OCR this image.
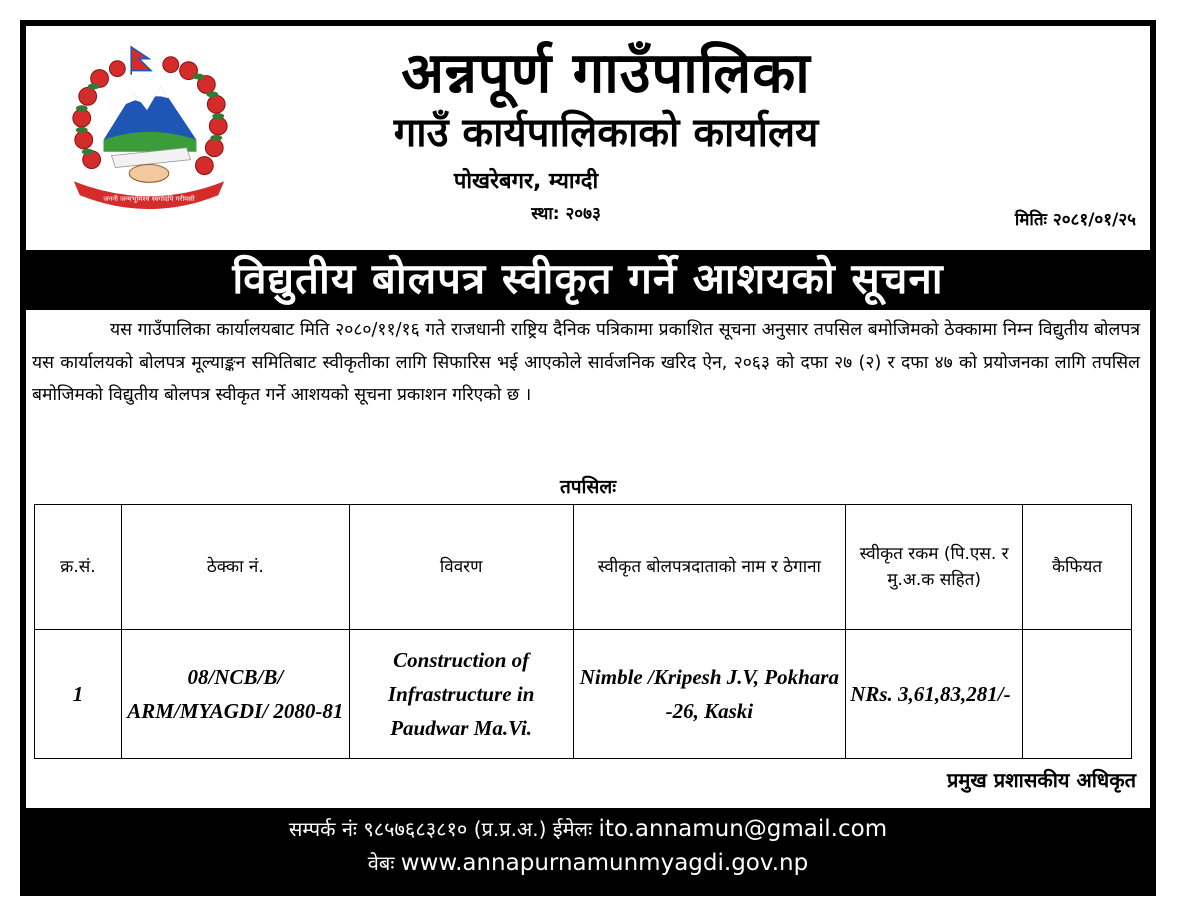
जननी जन्मभूमिश्च स्वर्गादपि गरीयसी
अन्नपूर्ण गाउँपालिका
गाउँ कार्यपालिकाको कार्यालय
पोखरेबगर, म्याग्दी
स्था: २०७३	मितिः २०८१/०१/२५
विद्युतीय बोलपत्र स्वीकृत गर्ने आशयको सूचना
यस गाउँपालिका कार्यालयबाट मिति २०८०/११/१६ गते राजधानी राष्ट्रिय दैनिक पत्रिकामा प्रकाशित सूचना अनुसार तपसिल बमोजिमको ठेक्कामा निम्न विद्युतीय बोलपत्र यस कार्यालयको बोलपत्र मूल्याङ्कन समितिबाट स्वीकृतीका लागि सिफारिस भई आएकोले सार्वजनिक खरिद ऐन, २०६३ को दफा २७ (२) र दफा ४७ को प्रयोजनका लागि तपसिल बमोजिमको विद्युतीय बोलपत्र स्वीकृत गर्ने आशयको सूचना प्रकाशन गरिएको छ ।
तपसिलः
क्र.सं.	ठेक्का नं.	विवरण	स्वीकृत बोलपत्रदाताको नाम र ठेगाना	स्वीकृत रकम (पि.एस. र मु.अ.क सहित)	कैफियत
1	08/NCB/B/ ARM/MYAGDI/ 2080-81	Construction of Infrastructure in Paudwar Ma.Vi.	Nimble /Kripesh J.V, Pokhara -26, Kaski	NRs. 3,61,83,281/-	
प्रमुख प्रशासकीय अधिकृत
सम्पर्क नंः ९८५७६८३८१० (प्र.प्र.अ.) ईमेलः ito.annamun@gmail.com
वेबः www.annapurnamunmyagdi.gov.np
